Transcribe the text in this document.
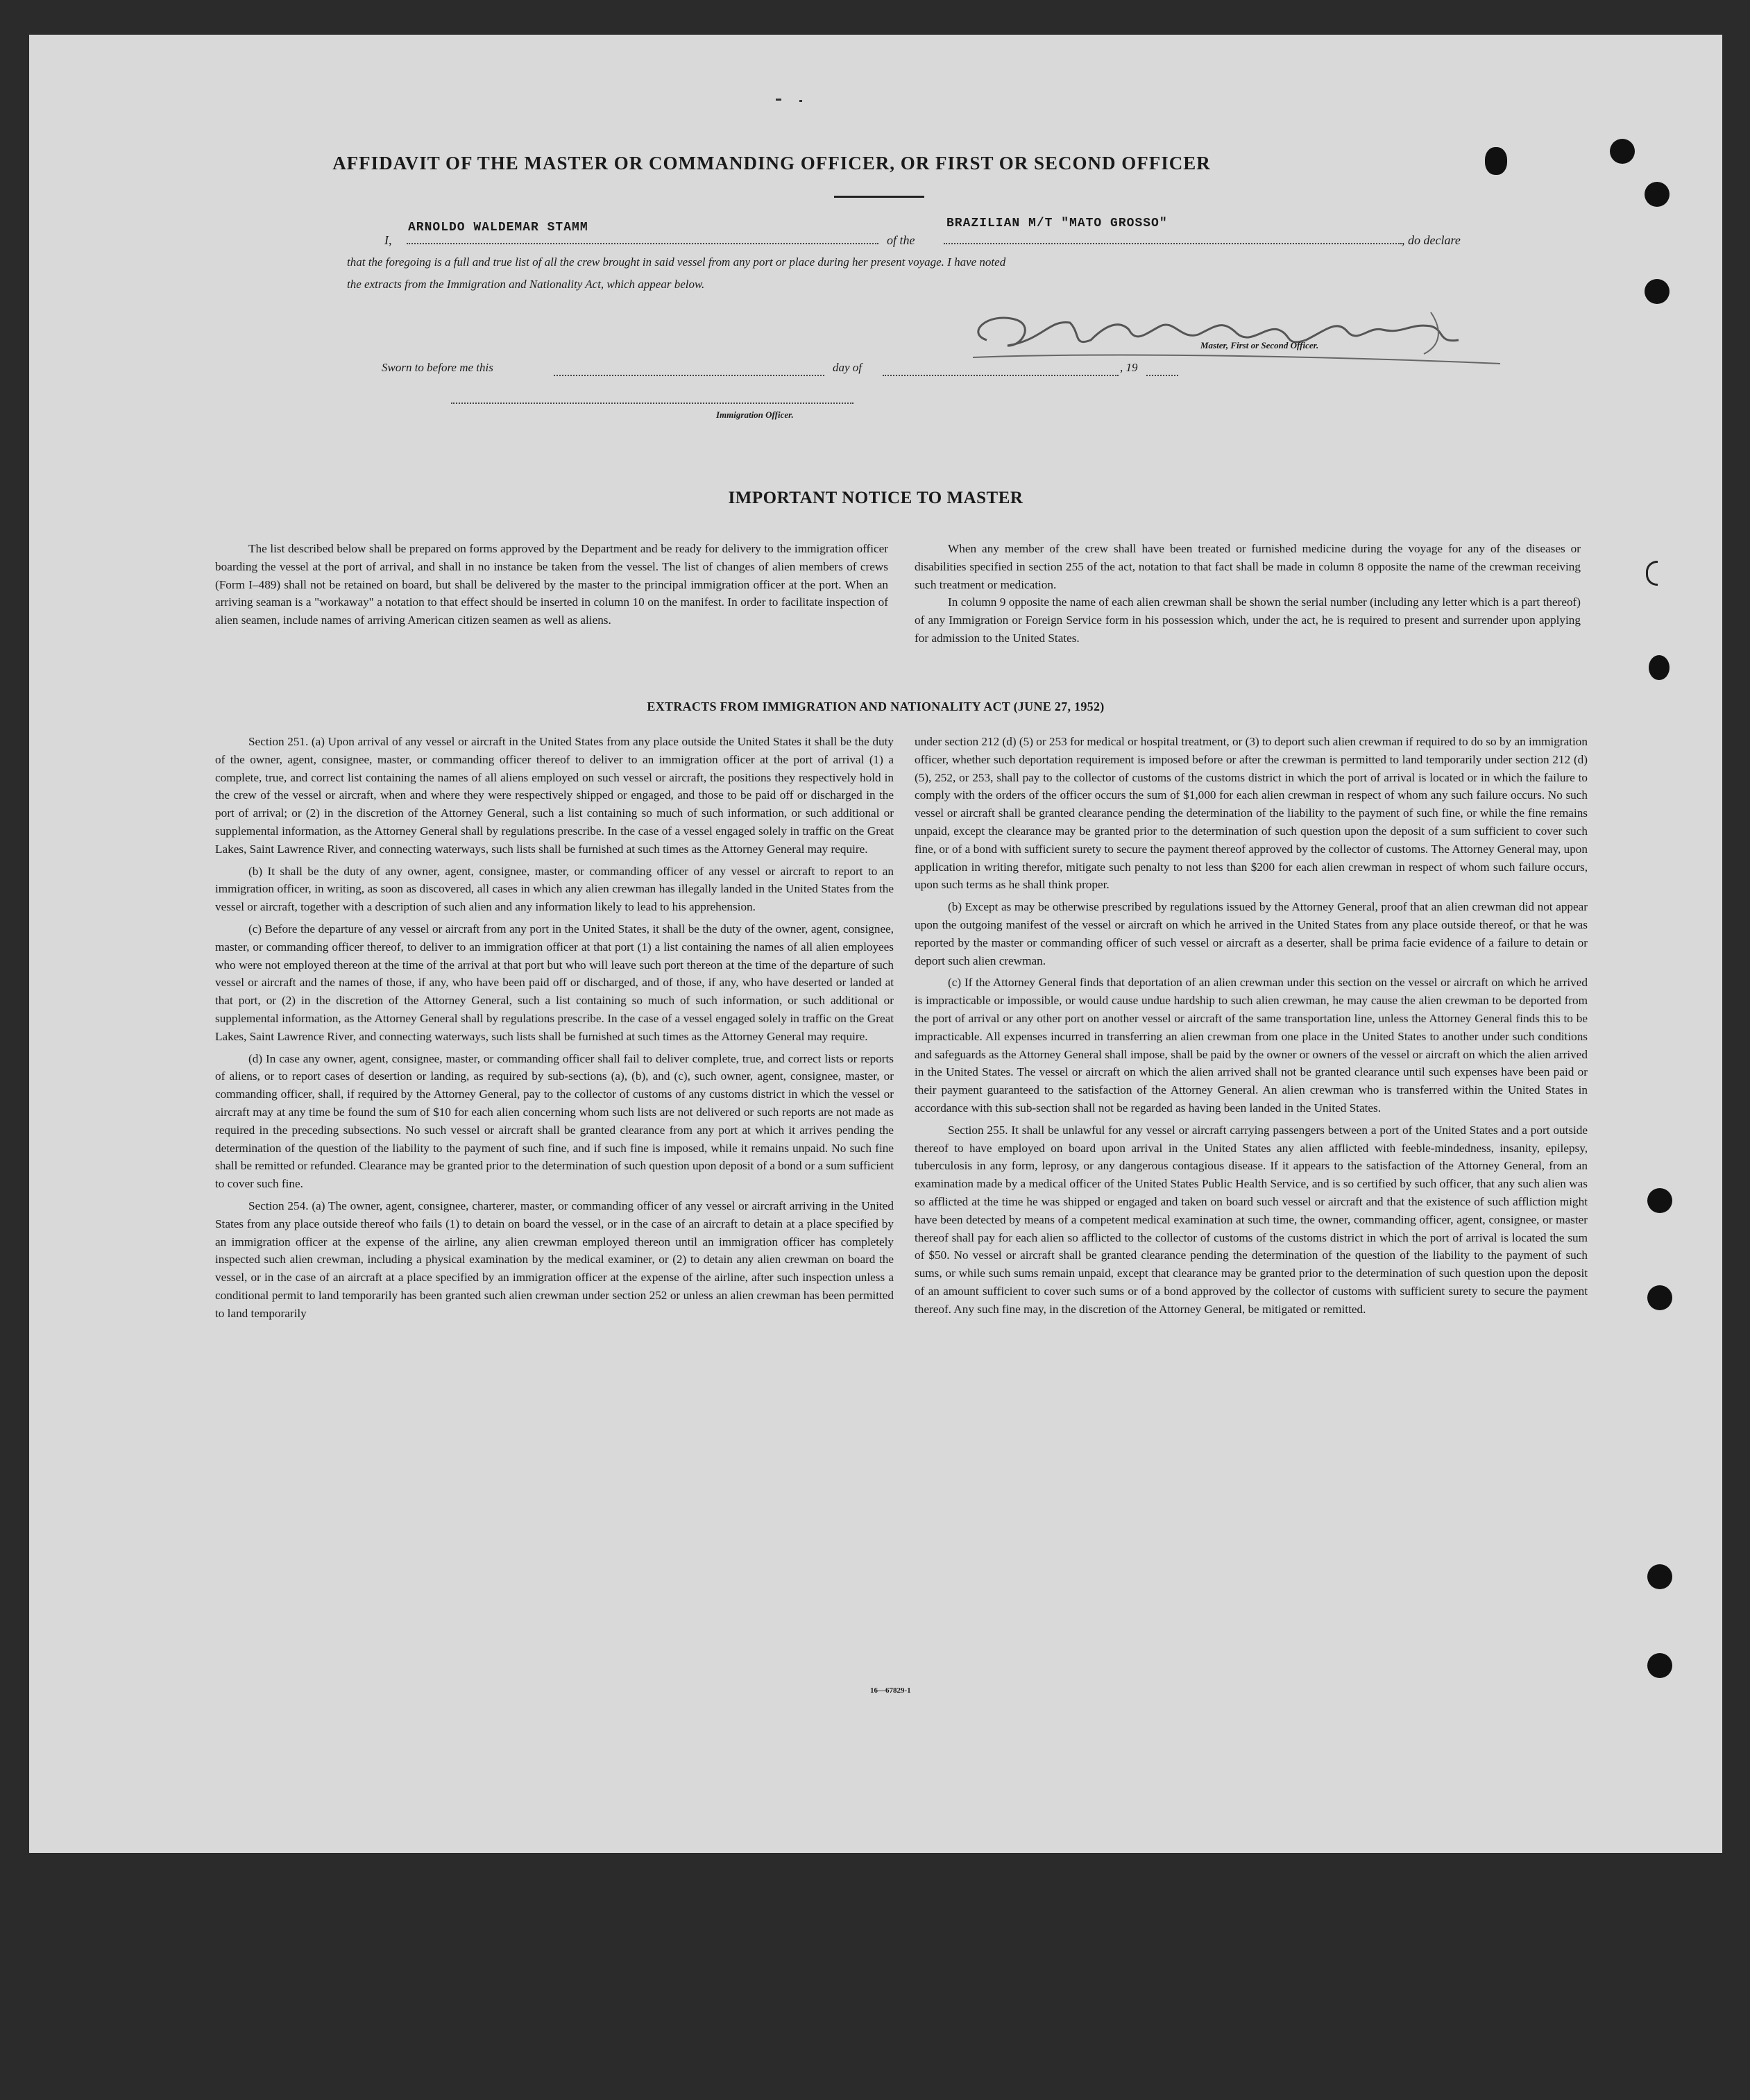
AFFIDAVIT OF THE MASTER OR COMMANDING OFFICER, OR FIRST OR SECOND OFFICER
I,
ARNOLDO WALDEMAR STAMM
of the
BRAZILIAN M/T "MATO GROSSO"
, do declare
that the foregoing is a full and true list of all the crew brought in said vessel from any port or place during her present voyage. I have noted
the extracts from the Immigration and Nationality Act, which appear below.
Master, First or Second Officer.
Sworn to before me this	day of	, 19
Immigration Officer.
IMPORTANT NOTICE TO MASTER

The list described below shall be prepared on forms approved by the Department and be ready for delivery to the immigration officer boarding the vessel at the port of arrival, and shall in no instance be taken from the vessel. The list of changes of alien members of crews (Form I–489) shall not be retained on board, but shall be delivered by the master to the principal immigration officer at the port. When an arriving seaman is a "workaway" a notation to that effect should be inserted in column 10 on the manifest. In order to facilitate inspection of alien seamen, include names of arriving American citizen seamen as well as aliens.

When any member of the crew shall have been treated or furnished medicine during the voyage for any of the diseases or disabilities specified in section 255 of the act, notation to that fact shall be made in column 8 opposite the name of the crewman receiving such treatment or medication.

In column 9 opposite the name of each alien crewman shall be shown the serial number (including any letter which is a part thereof) of any Immigration or Foreign Service form in his possession which, under the act, he is required to present and surrender upon applying for admission to the United States.

EXTRACTS FROM IMMIGRATION AND NATIONALITY ACT (JUNE 27, 1952)

Section 251. (a) Upon arrival of any vessel or aircraft in the United States from any place outside the United States it shall be the duty of the owner, agent, consignee, master, or commanding officer thereof to deliver to an immigration officer at the port of arrival (1) a complete, true, and correct list containing the names of all aliens employed on such vessel or aircraft, the positions they respectively hold in the crew of the vessel or aircraft, when and where they were respectively shipped or engaged, and those to be paid off or discharged in the port of arrival; or (2) in the discretion of the Attorney General, such a list containing so much of such information, or such additional or supplemental information, as the Attorney General shall by regulations prescribe. In the case of a vessel engaged solely in traffic on the Great Lakes, Saint Lawrence River, and connecting waterways, such lists shall be furnished at such times as the Attorney General may require.

(b) It shall be the duty of any owner, agent, consignee, master, or commanding officer of any vessel or aircraft to report to an immigration officer, in writing, as soon as discovered, all cases in which any alien crewman has illegally landed in the United States from the vessel or aircraft, together with a description of such alien and any information likely to lead to his apprehension.

(c) Before the departure of any vessel or aircraft from any port in the United States, it shall be the duty of the owner, agent, consignee, master, or commanding officer thereof, to deliver to an immigration officer at that port (1) a list containing the names of all alien employees who were not employed thereon at the time of the arrival at that port but who will leave such port thereon at the time of the departure of such vessel or aircraft and the names of those, if any, who have been paid off or discharged, and of those, if any, who have deserted or landed at that port, or (2) in the discretion of the Attorney General, such a list containing so much of such information, or such additional or supplemental information, as the Attorney General shall by regulations prescribe. In the case of a vessel engaged solely in traffic on the Great Lakes, Saint Lawrence River, and connecting waterways, such lists shall be furnished at such times as the Attorney General may require.

(d) In case any owner, agent, consignee, master, or commanding officer shall fail to deliver complete, true, and correct lists or reports of aliens, or to report cases of desertion or landing, as required by sub-sections (a), (b), and (c), such owner, agent, consignee, master, or commanding officer, shall, if required by the Attorney General, pay to the collector of customs of any customs district in which the vessel or aircraft may at any time be found the sum of $10 for each alien concerning whom such lists are not delivered or such reports are not made as required in the preceding subsections. No such vessel or aircraft shall be granted clearance from any port at which it arrives pending the determination of the question of the liability to the payment of such fine, and if such fine is imposed, while it remains unpaid. No such fine shall be remitted or refunded. Clearance may be granted prior to the determination of such question upon deposit of a bond or a sum sufficient to cover such fine.

Section 254. (a) The owner, agent, consignee, charterer, master, or commanding officer of any vessel or aircraft arriving in the United States from any place outside thereof who fails (1) to detain on board the vessel, or in the case of an aircraft to detain at a place specified by an immigration officer at the expense of the airline, any alien crewman employed thereon until an immigration officer has completely inspected such alien crewman, including a physical examination by the medical examiner, or (2) to detain any alien crewman on board the vessel, or in the case of an aircraft at a place specified by an immigration officer at the expense of the airline, after such inspection unless a conditional permit to land temporarily has been granted such alien crewman under section 252 or unless an alien crewman has been permitted to land temporarily

under section 212 (d) (5) or 253 for medical or hospital treatment, or (3) to deport such alien crewman if required to do so by an immigration officer, whether such deportation requirement is imposed before or after the crewman is permitted to land temporarily under section 212 (d) (5), 252, or 253, shall pay to the collector of customs of the customs district in which the port of arrival is located or in which the failure to comply with the orders of the officer occurs the sum of $1,000 for each alien crewman in respect of whom any such failure occurs. No such vessel or aircraft shall be granted clearance pending the determination of the liability to the payment of such fine, or while the fine remains unpaid, except the clearance may be granted prior to the determination of such question upon the deposit of a sum sufficient to cover such fine, or of a bond with sufficient surety to secure the payment thereof approved by the collector of customs. The Attorney General may, upon application in writing therefor, mitigate such penalty to not less than $200 for each alien crewman in respect of whom such failure occurs, upon such terms as he shall think proper.

(b) Except as may be otherwise prescribed by regulations issued by the Attorney General, proof that an alien crewman did not appear upon the outgoing manifest of the vessel or aircraft on which he arrived in the United States from any place outside thereof, or that he was reported by the master or commanding officer of such vessel or aircraft as a deserter, shall be prima facie evidence of a failure to detain or deport such alien crewman.

(c) If the Attorney General finds that deportation of an alien crewman under this section on the vessel or aircraft on which he arrived is impracticable or impossible, or would cause undue hardship to such alien crewman, he may cause the alien crewman to be deported from the port of arrival or any other port on another vessel or aircraft of the same transportation line, unless the Attorney General finds this to be impracticable. All expenses incurred in transferring an alien crewman from one place in the United States to another under such conditions and safeguards as the Attorney General shall impose, shall be paid by the owner or owners of the vessel or aircraft on which the alien arrived in the United States. The vessel or aircraft on which the alien arrived shall not be granted clearance until such expenses have been paid or their payment guaranteed to the satisfaction of the Attorney General. An alien crewman who is transferred within the United States in accordance with this sub-section shall not be regarded as having been landed in the United States.

Section 255. It shall be unlawful for any vessel or aircraft carrying passengers between a port of the United States and a port outside thereof to have employed on board upon arrival in the United States any alien afflicted with feeble-mindedness, insanity, epilepsy, tuberculosis in any form, leprosy, or any dangerous contagious disease. If it appears to the satisfaction of the Attorney General, from an examination made by a medical officer of the United States Public Health Service, and is so certified by such officer, that any such alien was so afflicted at the time he was shipped or engaged and taken on board such vessel or aircraft and that the existence of such affliction might have been detected by means of a competent medical examination at such time, the owner, commanding officer, agent, consignee, or master thereof shall pay for each alien so afflicted to the collector of customs of the customs district in which the port of arrival is located the sum of $50. No vessel or aircraft shall be granted clearance pending the determination of the question of the liability to the payment of such sums, or while such sums remain unpaid, except that clearance may be granted prior to the determination of such question upon the deposit of an amount sufficient to cover such sums or of a bond approved by the collector of customs with sufficient surety to secure the payment thereof. Any such fine may, in the discretion of the Attorney General, be mitigated or remitted.

16—67829-1
